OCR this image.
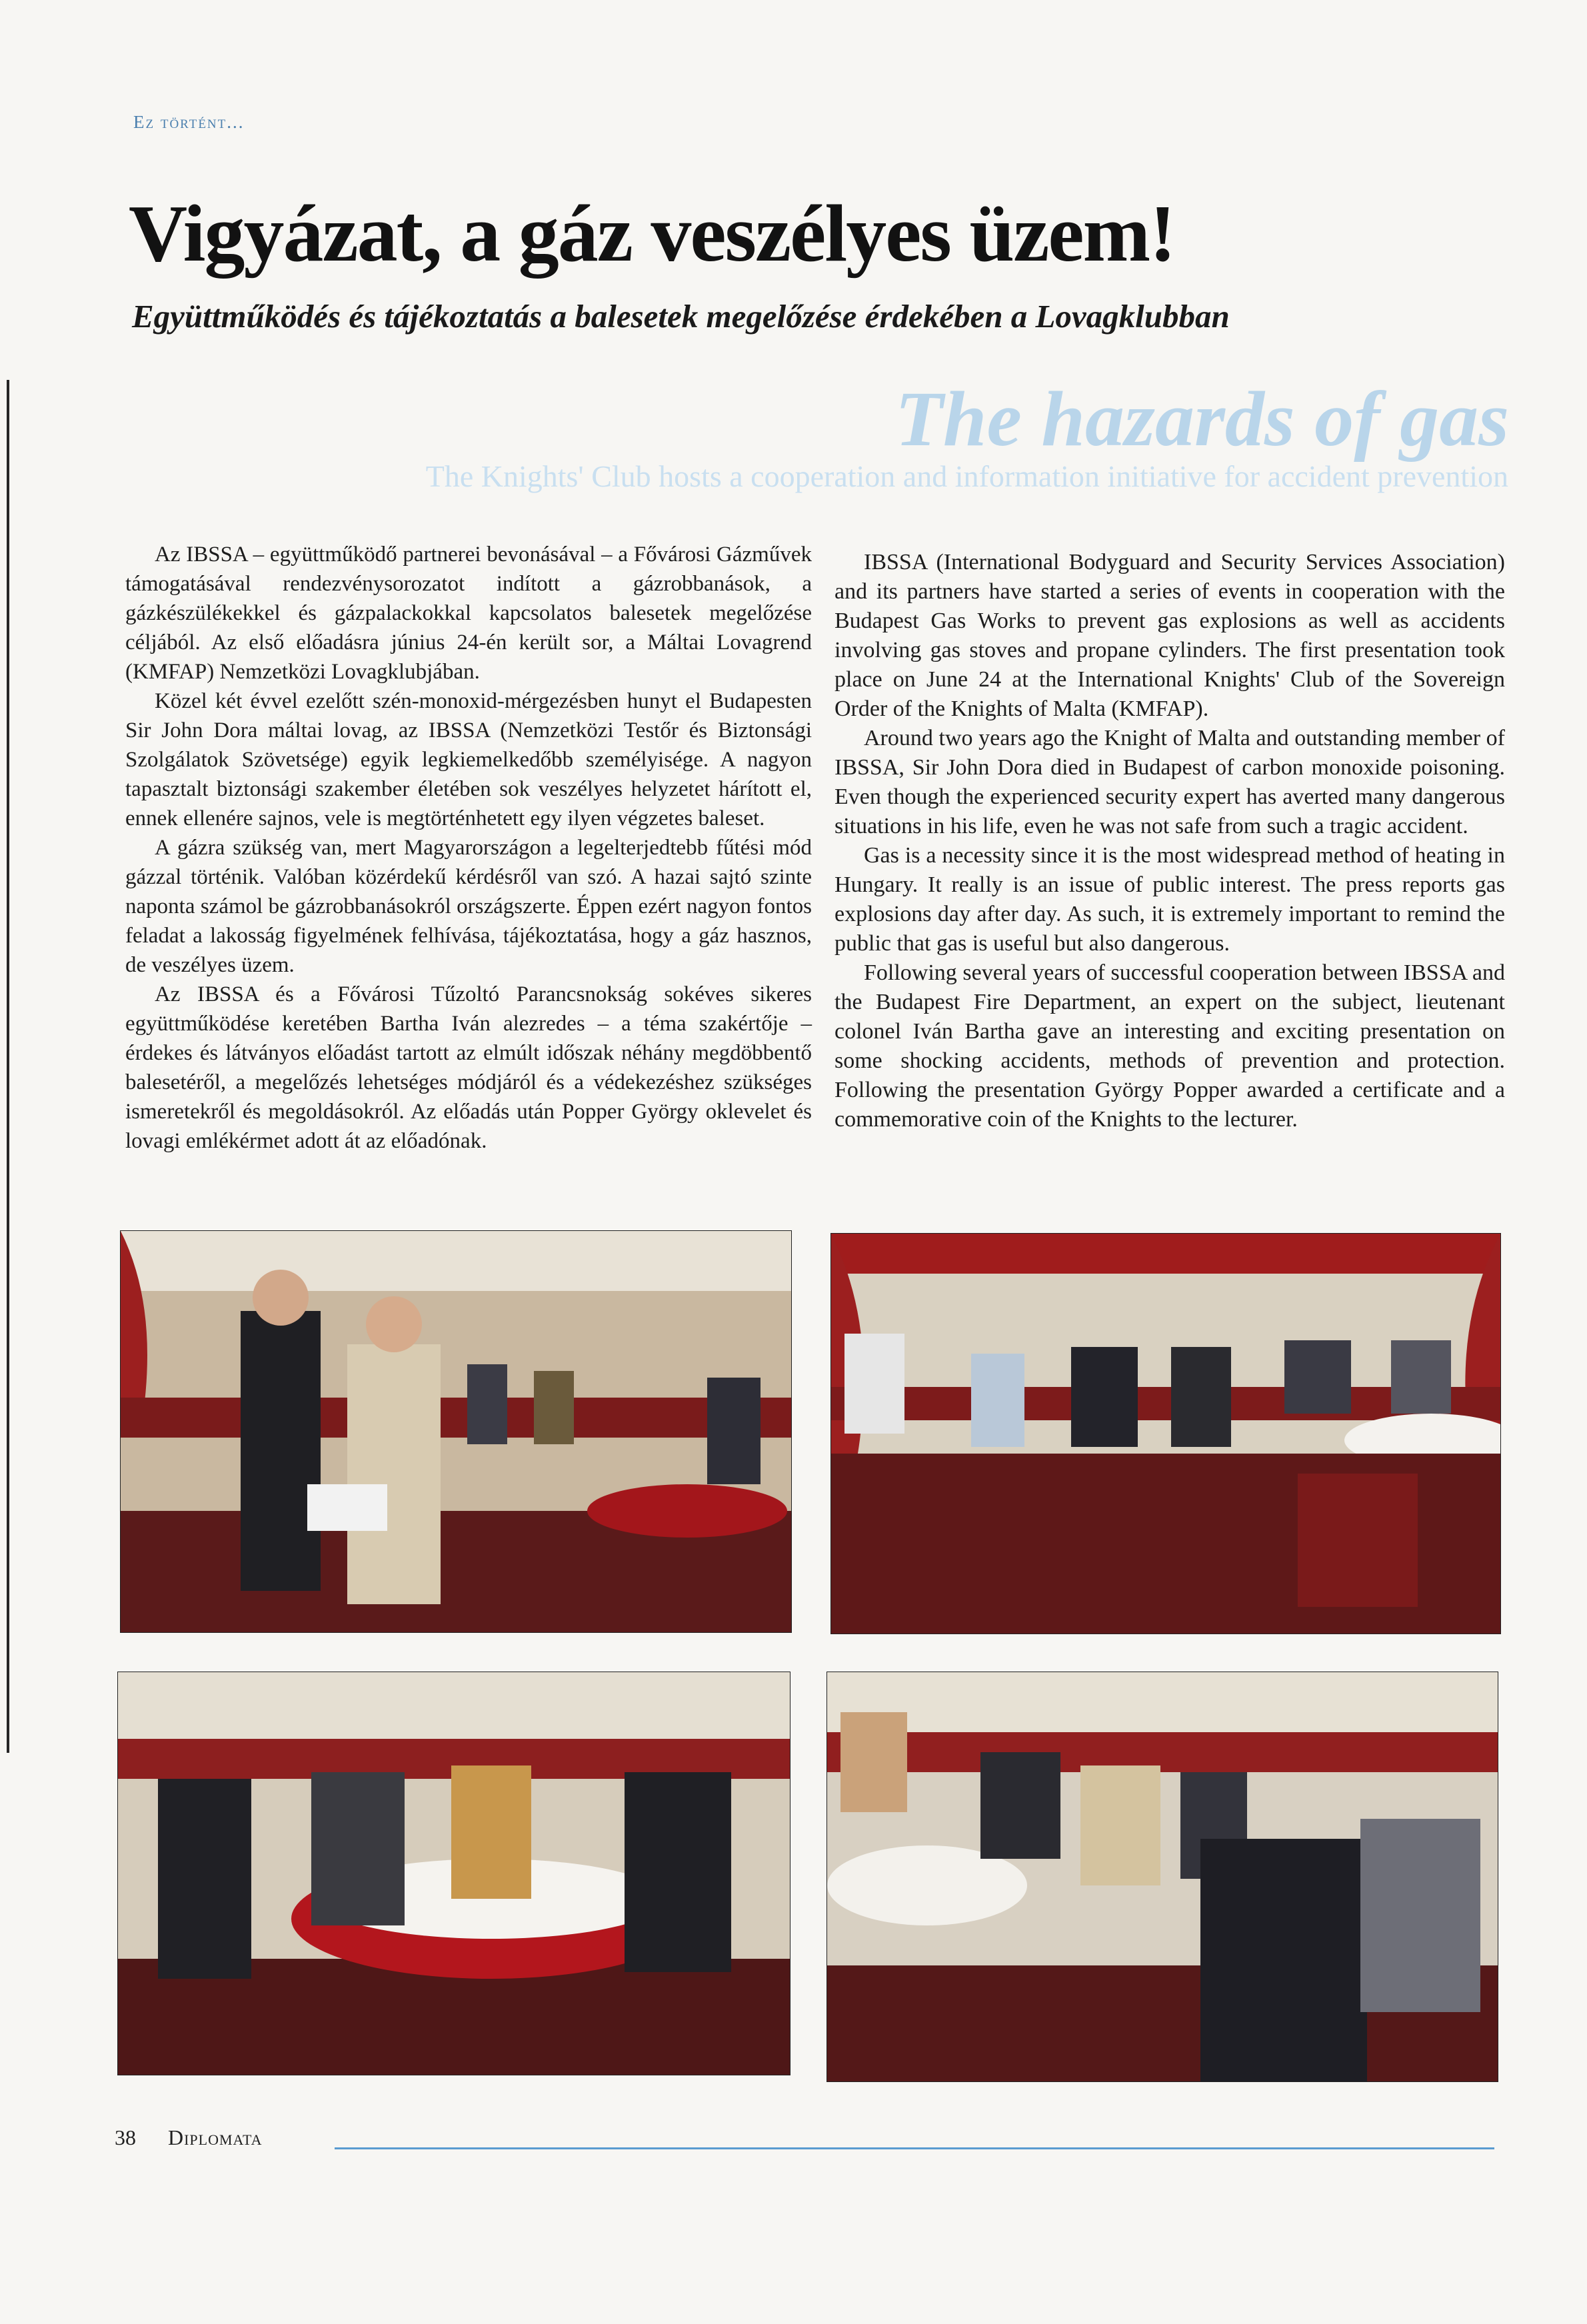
Ez történt...
Vigyázat, a gáz veszélyes üzem!
Együttműködés és tájékoztatás a balesetek megelőzése érdekében a Lovagklubban
The hazards of gas
The Knights' Club hosts a cooperation and information initiative for accident prevention

Az IBSSA – együttműködő partnerei bevonásával – a Fővárosi Gázművek támogatásával rendezvénysorozatot indított a gázrobbanások, a gázkészülékekkel és gázpalackokkal kapcsolatos balesetek megelőzése céljából. Az első előadásra június 24-én került sor, a Máltai Lovagrend (KMFAP) Nemzetközi Lovagklubjában.

Közel két évvel ezelőtt szén-monoxid-mérgezésben hunyt el Budapesten Sir John Dora máltai lovag, az IBSSA (Nemzetközi Testőr és Biztonsági Szolgálatok Szövetsége) egyik legkiemelkedőbb személyisége. A nagyon tapasztalt biztonsági szakember életében sok veszélyes helyzetet hárított el, ennek ellenére sajnos, vele is megtörténhetett egy ilyen végzetes baleset.

A gázra szükség van, mert Magyarországon a legelterjedtebb fűtési mód gázzal történik. Valóban közérdekű kérdésről van szó. A hazai sajtó szinte naponta számol be gázrobbanásokról országszerte. Éppen ezért nagyon fontos feladat a lakosság figyelmének felhívása, tájékoztatása, hogy a gáz hasznos, de veszélyes üzem.

Az IBSSA és a Fővárosi Tűzoltó Parancsnokság sokéves sikeres együttműködése keretében Bartha Iván alezredes – a téma szakértője – érdekes és látványos előadást tartott az elmúlt időszak néhány megdöbbentő balesetéről, a megelőzés lehetséges módjáról és a védekezéshez szükséges ismeretekről és megoldásokról. Az előadás után Popper György oklevelet és lovagi emlékérmet adott át az előadónak.

IBSSA (International Bodyguard and Security Services Association) and its partners have started a series of events in cooperation with the Budapest Gas Works to prevent gas explosions as well as accidents involving gas stoves and propane cylinders. The first presentation took place on June 24 at the International Knights' Club of the Sovereign Order of the Knights of Malta (KMFAP).

Around two years ago the Knight of Malta and outstanding member of IBSSA, Sir John Dora died in Budapest of carbon monoxide poisoning. Even though the experienced security expert has averted many dangerous situations in his life, even he was not safe from such a tragic accident.

Gas is a necessity since it is the most widespread method of heating in Hungary. It really is an issue of public interest. The press reports gas explosions day after day. As such, it is extremely important to remind the public that gas is useful but also dangerous.

Following several years of successful cooperation between IBSSA and the Budapest Fire Department, an expert on the subject, lieutenant colonel Iván Bartha gave an interesting and exciting presentation on some shocking accidents, methods of prevention and protection. Following the presentation György Popper awarded a certificate and a commemorative coin of the Knights to the lecturer.

38 Diplomata
